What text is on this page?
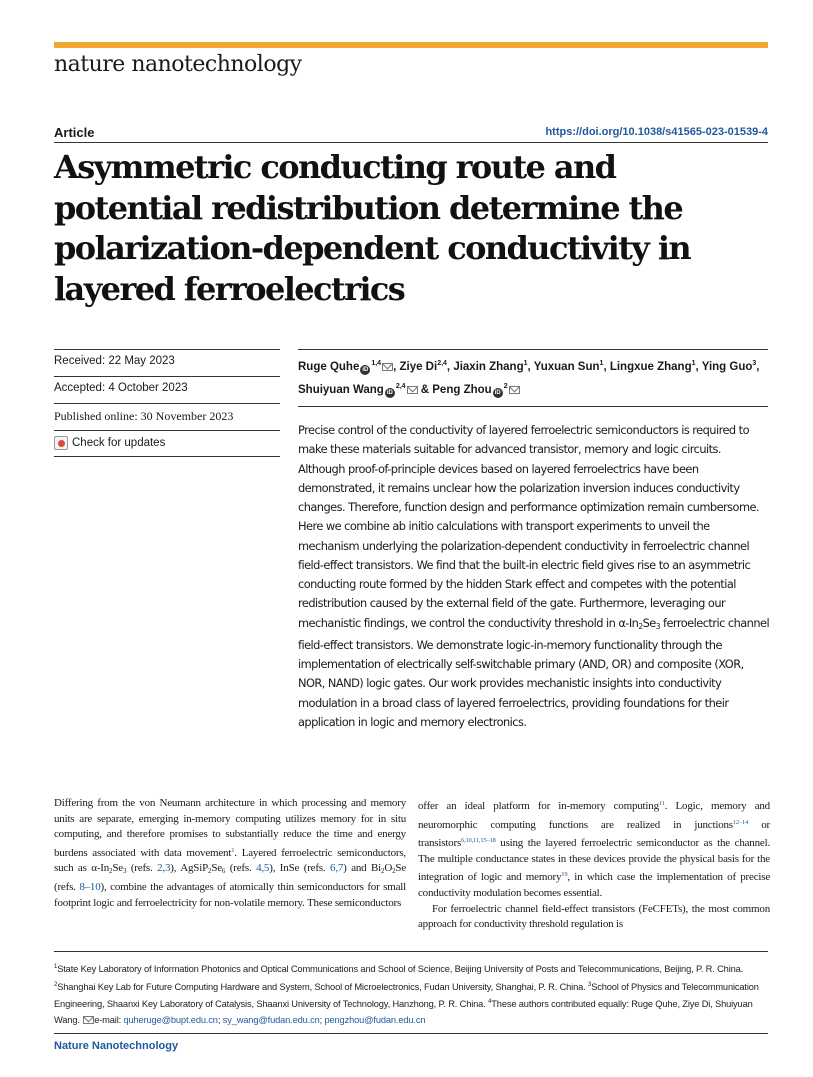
nature nanotechnology
Article	https://doi.org/10.1038/s41565-023-01539-4
Asymmetric conducting route and potential redistribution determine the polarization-dependent conductivity in layered ferroelectrics
Received: 22 May 2023
Accepted: 4 October 2023
Published online: 30 November 2023
Check for updates
Ruge Quhe iD$^{1,4}$ , Ziye Di$^{2,4}$, Jiaxin Zhang$^1$, Yuxuan Sun$^1$, Lingxue Zhang$^1$, Ying Guo$^3$, Shuiyuan Wang iD$^{2,4}$ & Peng Zhou $iD^2$
Precise control of the conductivity of layered ferroelectric semiconductors is required to make these materials suitable for advanced transistor, memory and logic circuits. Although proof-of-principle devices based on layered ferroelectrics have been demonstrated, it remains unclear how the polarization inversion induces conductivity changes. Therefore, function design and performance optimization remain cumbersome. Here we combine ab initio calculations with transport experiments to unveil the mechanism underlying the polarization-dependent conductivity in ferroelectric channel field-effect transistors. We find that the built-in electric field gives rise to an asymmetric conducting route formed by the hidden Stark effect and competes with the potential redistribution caused by the external field of the gate. Furthermore, leveraging our mechanistic findings, we control the conductivity threshold in $\alpha-In_2Se_3$ ferroelectric channel field-effect transistors. We demonstrate logic-in-memory functionality through the implementation of electrically self-switchable primary (AND, OR) and composite (XOR, NOR, NAND) logic gates. Our work provides mechanistic insights into conductivity modulation in a broad class of layered ferroelectrics, providing foundations for their application in logic and memory electronics.
Differing from the von Neumann architecture in which processing and memory units are separate, emerging in-memory computing utilizes memory for in situ computing, and therefore promises to substantially reduce the time and energy burdens associated with data movement$^1$. Layered ferroelectric semiconductors, such as $\alpha-In_2Se_3$ (refs. 2,3), $AgSiP_2Se_6$ (refs. 4,5), InSe (refs. 6,7) and $Bi_2O_2Se$ (refs. 8–10), combine the advantages of atomically thin semiconductors for small footprint logic and ferroelectricity for non-volatile memory. These semiconductors
offer an ideal platform for in-memory computing$^{11}$. Logic, memory and neuromorphic computing functions are realized in junctions$^{12-14}$ or transistors$^{6,10,11,15-18}$ using the layered ferroelectric semiconductor as the channel. The multiple conductance states in these devices provide the physical basis for the integration of logic and memory$^{19}$, in which case the implementation of precise conductivity modulation becomes essential.
For ferroelectric channel field-effect transistors (FeCFETs), the most common approach for conductivity threshold regulation is
$^1$State Key Laboratory of Information Photonics and Optical Communications and School of Science, Beijing University of Posts and Telecommunications, Beijing, P. R. China. $^2$Shanghai Key Lab for Future Computing Hardware and System, School of Microelectronics, Fudan University, Shanghai, P. R. China. $^3$School of Physics and Telecommunication Engineering, Shaanxi Key Laboratory of Catalysis, Shaanxi University of Technology, Hanzhong, P. R. China. $^4$These authors contributed equally: Ruge Quhe, Ziye Di, Shuiyuan Wang. e-mail: quheruge@bupt.edu.cn; sy_wang@fudan.edu.cn; pengzhou@fudan.edu.cn
Nature Nanotechnology
